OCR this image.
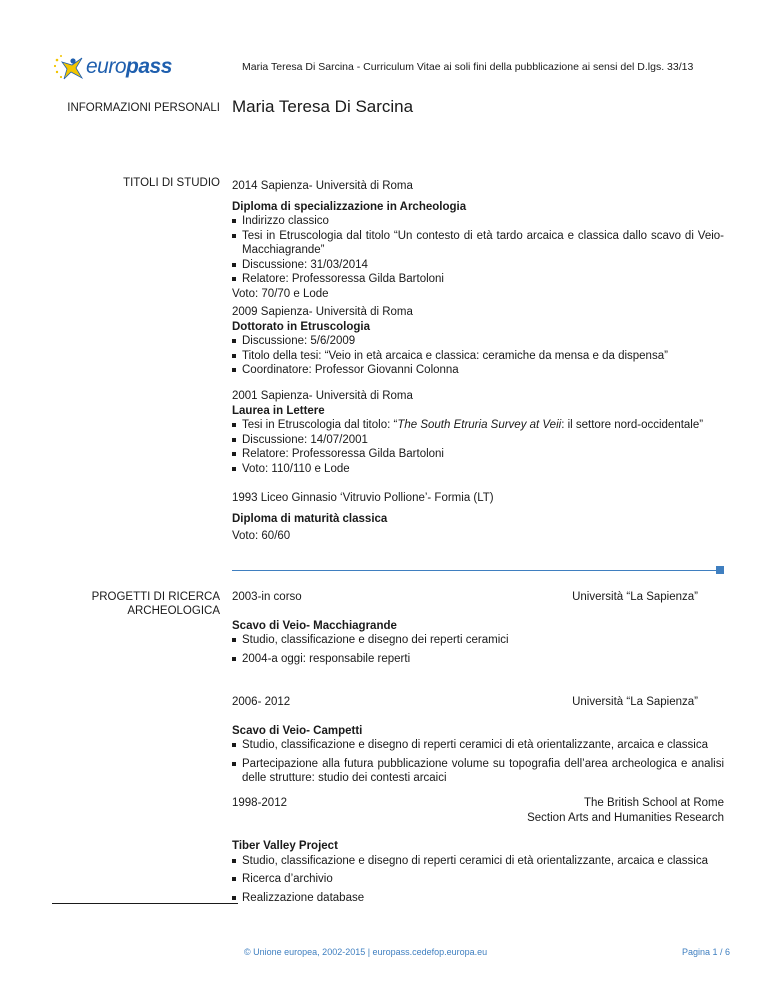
europass	Maria Teresa Di Sarcina - Curriculum Vitae ai soli fini della pubblicazione ai sensi del D.lgs. 33/13
INFORMAZIONI PERSONALI Maria Teresa Di Sarcina
TITOLI DI STUDIO 2014 Sapienza- Università di Roma
Diploma di specializzazione in Archeologia
Indirizzo classico
Tesi in Etruscologia dal titolo “Un contesto di età tardo arcaica e classica dallo scavo di Veio-Macchiagrande”
Discussione: 31/03/2014
Relatore: Professoressa Gilda Bartoloni
Voto: 70/70 e Lode
2009 Sapienza- Università di Roma
Dottorato in Etruscologia
Discussione: 5/6/2009
Titolo della tesi: “Veio in età arcaica e classica: ceramiche da mensa e da dispensa”
Coordinatore: Professor Giovanni Colonna
2001 Sapienza- Università di Roma
Laurea in Lettere
Tesi in Etruscologia dal titolo: “The South Etruria Survey at Veii: il settore nord-occidentale”
Discussione: 14/07/2001
Relatore: Professoressa Gilda Bartoloni
Voto: 110/110 e Lode
1993 Liceo Ginnasio ‘Vitruvio Pollione’- Formia (LT)
Diploma di maturità classica
Voto: 60/60
PROGETTI DI RICERCA
ARCHEOLOGICA
2003-in corso	Università “La Sapienza”
Scavo di Veio- Macchiagrande
Studio, classificazione e disegno dei reperti ceramici
2004-a oggi: responsabile reperti
2006- 2012	Università “La Sapienza”
Scavo di Veio- Campetti
Studio, classificazione e disegno di reperti ceramici di età orientalizzante, arcaica e classica
Partecipazione alla futura pubblicazione volume su topografia dell’area archeologica e analisi delle strutture: studio dei contesti arcaici
1998-2012	The British School at Rome
Section Arts and Humanities Research
Tiber Valley Project
Studio, classificazione e disegno di reperti ceramici di età orientalizzante, arcaica e classica
Ricerca d’archivio
Realizzazione database
© Unione europea, 2002-2015 | europass.cedefop.europa.eu	Pagina 1 / 6
